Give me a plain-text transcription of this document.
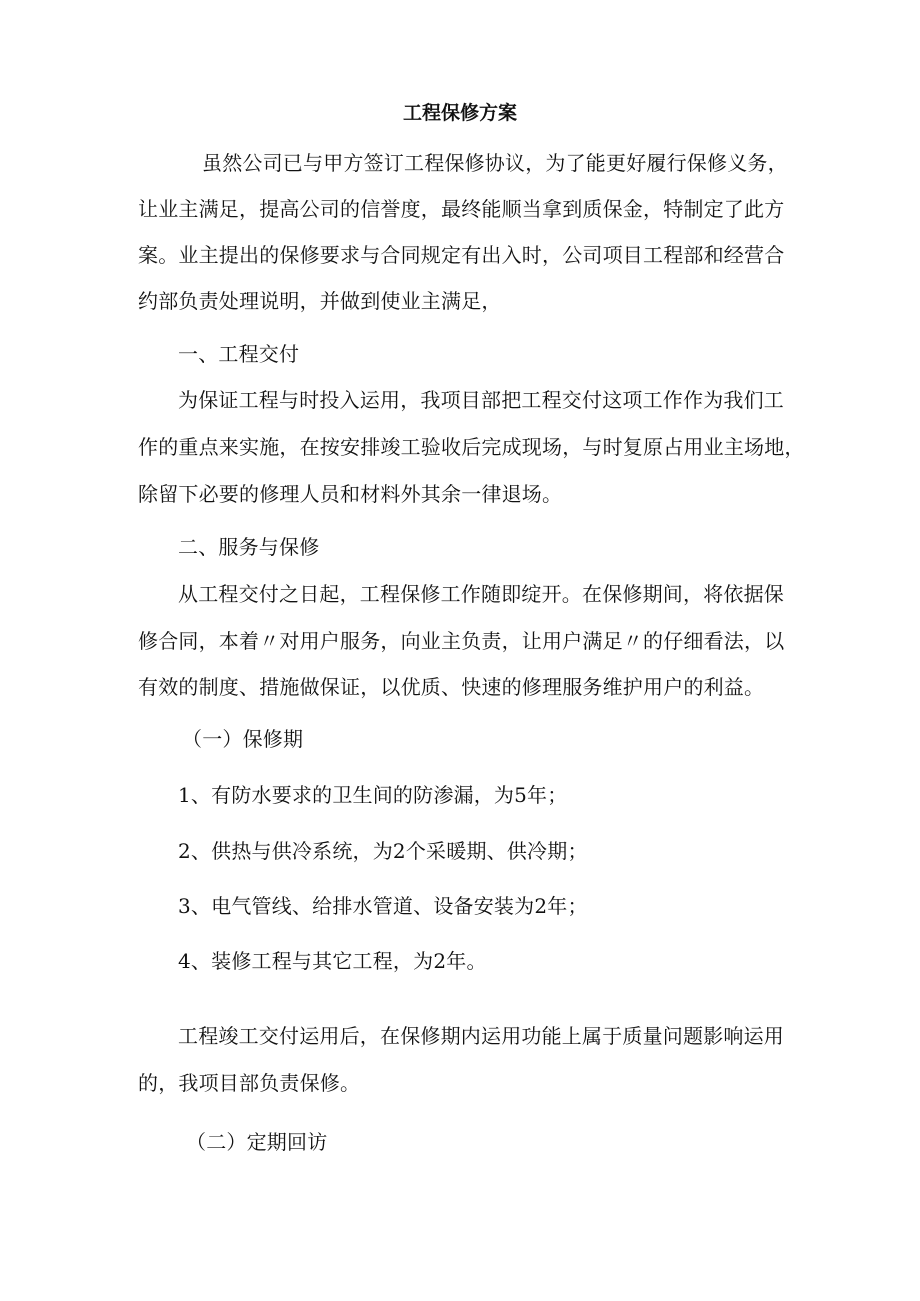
工程保修方案

虽然公司已与甲方签订工程保修协议，为了能更好履行保修义务，

让业主满足，提高公司的信誉度，最终能顺当拿到质保金，特制定了此方

案。业主提出的保修要求与合同规定有出入时，公司项目工程部和经营合

约部负责处理说明，并做到使业主满足，

一、工程交付

为保证工程与时投入运用，我项目部把工程交付这项工作作为我们工

作的重点来实施，在按安排竣工验收后完成现场，与时复原占用业主场地，

除留下必要的修理人员和材料外其余一律退场。

二、服务与保修

从工程交付之日起，工程保修工作随即绽开。在保修期间，将依据保

修合同，本着〃对用户服务，向业主负责，让用户满足〃的仔细看法，以

有效的制度、措施做保证，以优质、快速的修理服务维护用户的利益。

（一）保修期

1、有防水要求的卫生间的防渗漏，为5年；

2、供热与供冷系统，为2个采暖期、供冷期；

3、电气管线、给排水管道、设备安装为2年；

4、装修工程与其它工程，为2年。

工程竣工交付运用后，在保修期内运用功能上属于质量问题影响运用

的，我项目部负责保修。

（二）定期回访
